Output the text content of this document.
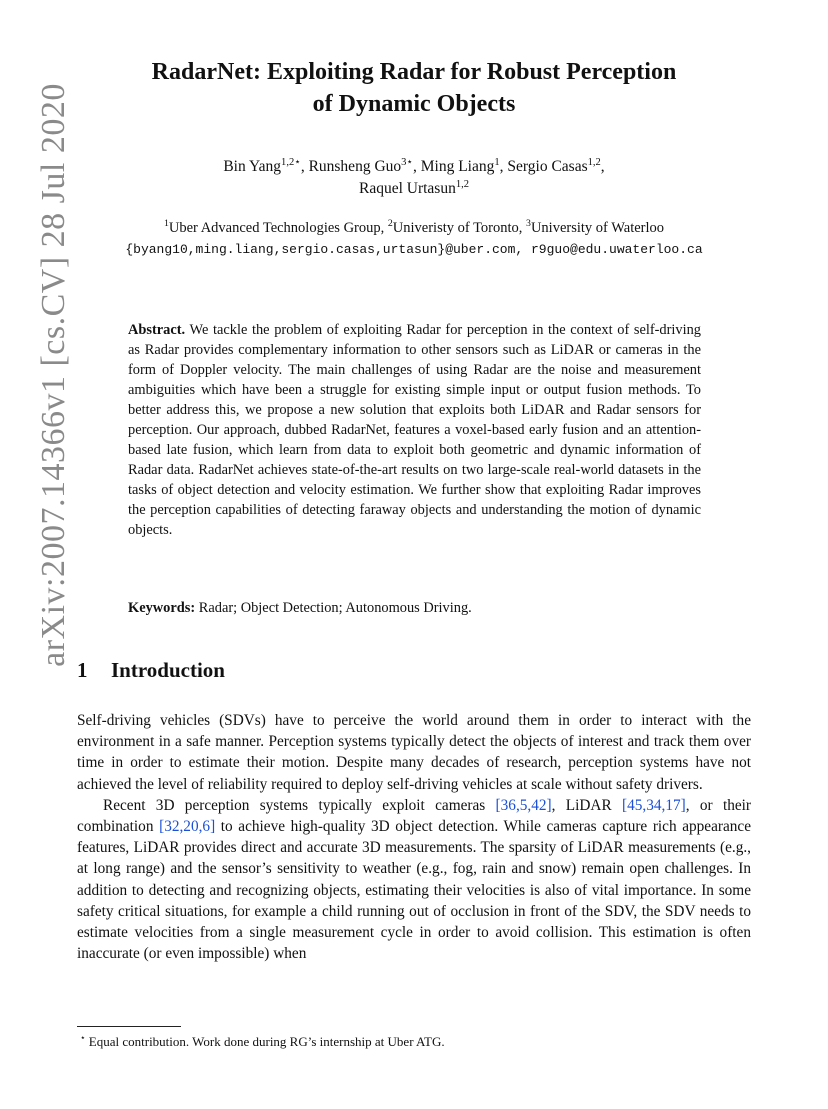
arXiv:2007.14366v1 [cs.CV] 28 Jul 2020
RadarNet: Exploiting Radar for Robust Perception
of Dynamic Objects
Bin Yang$^{1,2⋆}$, Runsheng Guo$^{3⋆}$, Ming Liang$^1$, Sergio Casas$^{1,2}$,
Raquel Urtasun$^{1,2}$
$^1$Uber Advanced Technologies Group, $^2$Univeristy of Toronto, $^3$University of Waterloo
{byang10,ming.liang,sergio.casas,urtasun}@uber.com, r9guo@edu.uwaterloo.ca
Abstract. We tackle the problem of exploiting Radar for perception in the context of self-driving as Radar provides complementary information to other sensors such as LiDAR or cameras in the form of Doppler velocity. The main challenges of using Radar are the noise and measurement ambiguities which have been a struggle for existing simple input or output fusion methods. To better address this, we propose a new solution that exploits both LiDAR and Radar sensors for perception. Our approach, dubbed RadarNet, features a voxel-based early fusion and an attention-based late fusion, which learn from data to exploit both geometric and dynamic information of Radar data. RadarNet achieves state-of-the-art results on two large-scale real-world datasets in the tasks of object detection and velocity estimation. We further show that exploiting Radar improves the perception capabilities of detecting faraway objects and understanding the motion of dynamic objects.
Keywords: Radar; Object Detection; Autonomous Driving.
1 Introduction

Self-driving vehicles (SDVs) have to perceive the world around them in order to interact with the environment in a safe manner. Perception systems typically detect the objects of interest and track them over time in order to estimate their motion. Despite many decades of research, perception systems have not achieved the level of reliability required to deploy self-driving vehicles at scale without safety drivers.

Recent 3D perception systems typically exploit cameras [36,5,42], LiDAR [45,34,17], or their combination [32,20,6] to achieve high-quality 3D object detection. While cameras capture rich appearance features, LiDAR provides direct and accurate 3D measurements. The sparsity of LiDAR measurements (e.g., at long range) and the sensor’s sensitivity to weather (e.g., fog, rain and snow) remain open challenges. In addition to detecting and recognizing objects, estimating their velocities is also of vital importance. In some safety critical situations, for example a child running out of occlusion in front of the SDV, the SDV needs to estimate velocities from a single measurement cycle in order to avoid collision. This estimation is often inaccurate (or even impossible) when

⋆ Equal contribution. Work done during RG’s internship at Uber ATG.
